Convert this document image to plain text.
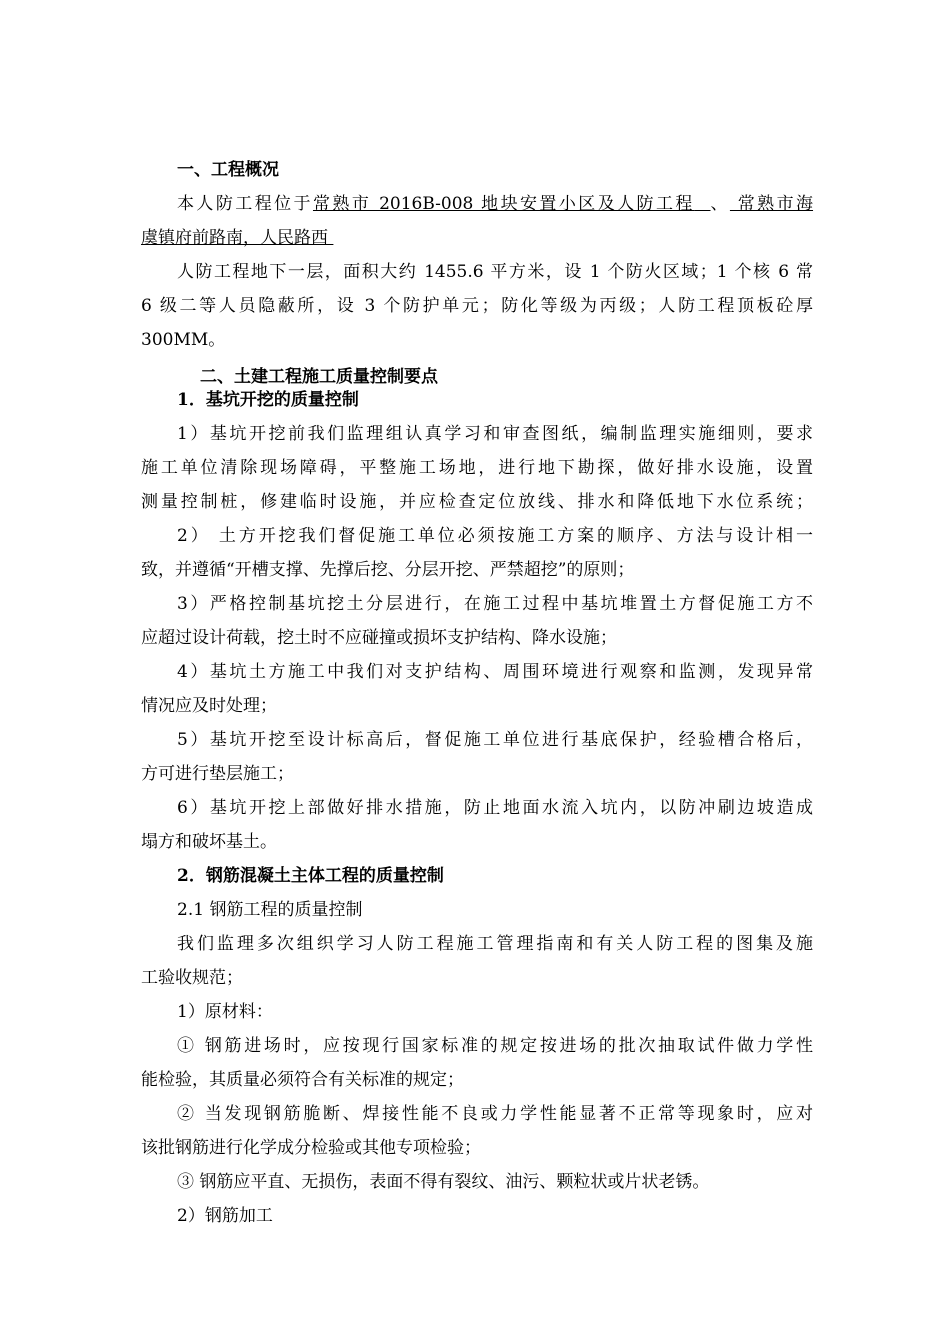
一、工程概况
本人防工程位于常熟市 2016B-008 地块安置小区及人防工程 、 常熟市海
虞镇府前路南，人民路西
人防工程地下一层，面积大约 1455.6 平方米，设 1 个防火区域；1 个核 6 常
6 级二等人员隐蔽所，设 3 个防护单元；防化等级为丙级；人防工程顶板砼厚
300MM。
二、土建工程施工质量控制要点
1．基坑开挖的质量控制
1）基坑开挖前我们监理组认真学习和审查图纸，编制监理实施细则，要求
施工单位清除现场障碍，平整施工场地，进行地下勘探，做好排水设施，设置
测量控制桩，修建临时设施，并应检查定位放线、排水和降低地下水位系统；
2） 土方开挖我们督促施工单位必须按施工方案的顺序、方法与设计相一
致，并遵循“开槽支撑、先撑后挖、分层开挖、严禁超挖”的原则；
3）严格控制基坑挖土分层进行，在施工过程中基坑堆置土方督促施工方不
应超过设计荷载，挖土时不应碰撞或损坏支护结构、降水设施；
4）基坑土方施工中我们对支护结构、周围环境进行观察和监测，发现异常
情况应及时处理；
5）基坑开挖至设计标高后，督促施工单位进行基底保护，经验槽合格后，
方可进行垫层施工；
6）基坑开挖上部做好排水措施，防止地面水流入坑内，以防冲刷边坡造成
塌方和破坏基土。
2．钢筋混凝土主体工程的质量控制
2.1 钢筋工程的质量控制
我们监理多次组织学习人防工程施工管理指南和有关人防工程的图集及施
工验收规范；
1）原材料：
① 钢筋进场时，应按现行国家标准的规定按进场的批次抽取试件做力学性
能检验，其质量必须符合有关标准的规定；
② 当发现钢筋脆断、焊接性能不良或力学性能显著不正常等现象时，应对
该批钢筋进行化学成分检验或其他专项检验；
③ 钢筋应平直、无损伤，表面不得有裂纹、油污、颗粒状或片状老锈。
2）钢筋加工
